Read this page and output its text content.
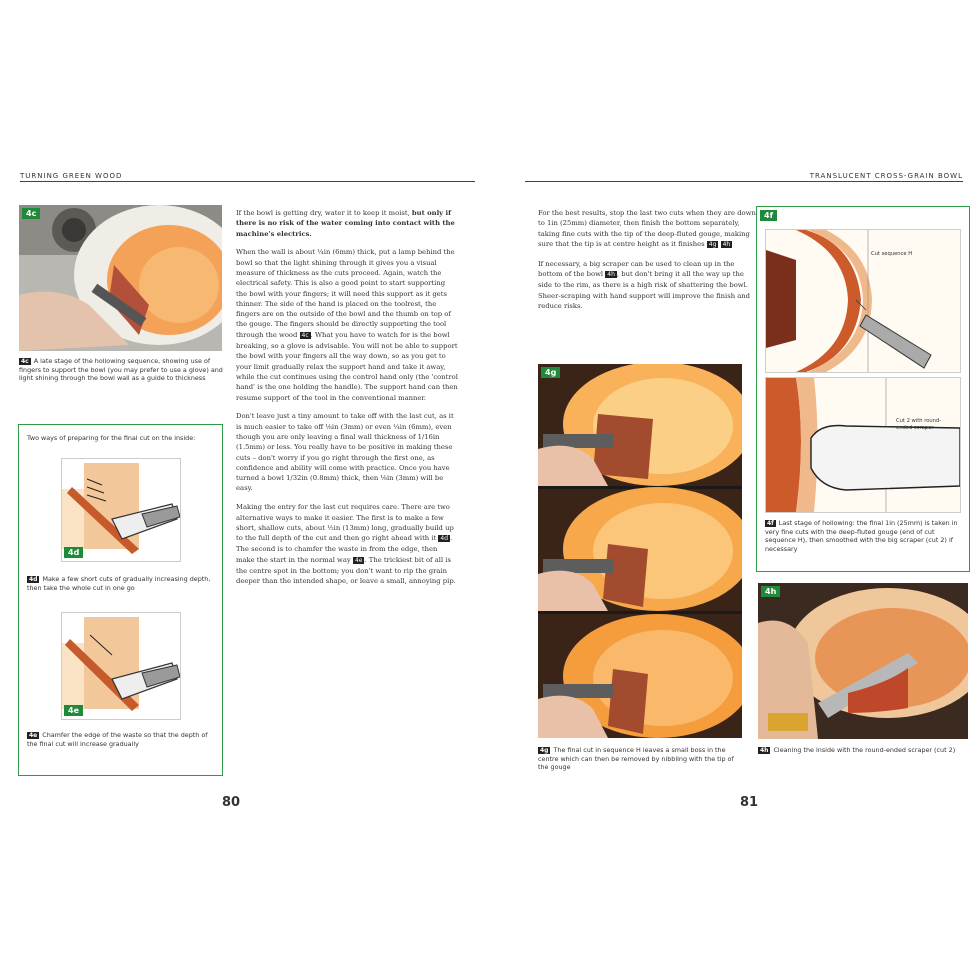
TURNING GREEN WOOD
4c
4c A late stage of the hollowing sequence, showing use of fingers to support the bowl (you may prefer to use a glove) and light shining through the bowl wall as a guide to thickness
Two ways of preparing for the final cut on the inside:
4d
4d Make a few short cuts of gradually increasing depth, then take the whole cut in one go
4e
4e Chamfer the edge of the waste so that the depth of the final cut will increase gradually

If the bowl is getting dry, water it to keep it moist, but only if there is no risk of the water coming into contact with the machine's electrics.

When the wall is about ¼in (6mm) thick, put a lamp behind the bowl so that the light shining through it gives you a visual measure of thickness as the cuts proceed. Again, watch the electrical safety. This is also a good point to start supporting the bowl with your fingers; it will need this support as it gets thinner. The side of the hand is placed on the toolrest, the fingers are on the outside of the bowl and the thumb on top of the gouge. The fingers should be directly supporting the tool through the wood 4c . What you have to watch for is the bowl breaking, so a glove is advisable. You will not be able to support the bowl with your fingers all the way down, so as you get to your limit gradually relax the support hand and take it away, while the cut continues using the control hand only (the 'control hand' is the one holding the handle). The support hand can then resume support of the tool in the conventional manner.

Don't leave just a tiny amount to take off with the last cut, as it is much easier to take off ⅛in (3mm) or even ¼in (6mm), even though you are only leaving a final wall thickness of 1/16in (1.5mm) or less. You really have to be positive in making these cuts – don't worry if you go right through the first one, as confidence and ability will come with practice. Once you have turned a bowl 1/32in (0.8mm) thick, then ⅛in (3mm) will be easy.

Making the entry for the last cut requires care. There are two alternative ways to make it easier. The first is to make a few short, shallow cuts, about ½in (13mm) long, gradually build up to the full depth of the cut and then go right ahead with it 4d . The second is to chamfer the waste in from the edge, then make the start in the normal way 4e . The trickiest bit of all is the centre spot in the bottom; you don't want to rip the grain deeper than the intended shape, or leave a small, annoying pip.

80
TRANSLUCENT CROSS-GRAIN BOWL

For the best results, stop the last two cuts when they are down to 1in (25mm) diameter, then finish the bottom separately, taking fine cuts with the tip of the deep-fluted gouge, making sure that the tip is at centre height as it finishes 4g 4h

If necessary, a big scraper can be used to clean up in the bottom of the bowl 4h , but don't bring it all the way up the side to the rim, as there is a high risk of shattering the bowl. Sheer-scraping with hand support will improve the finish and reduce risks.

4g
4g The final cut in sequence H leaves a small boss in the centre which can then be removed by nibbling with the tip of the gouge
4f
Cut sequence H
Cut 2 with round-ended scraper
4f Last stage of hollowing: the final 1in (25mm) is taken in very fine cuts with the deep-fluted gouge (end of cut sequence H), then smoothed with the big scraper (cut 2) if necessary
4h
4h Cleaning the inside with the round-ended scraper (cut 2)
81
